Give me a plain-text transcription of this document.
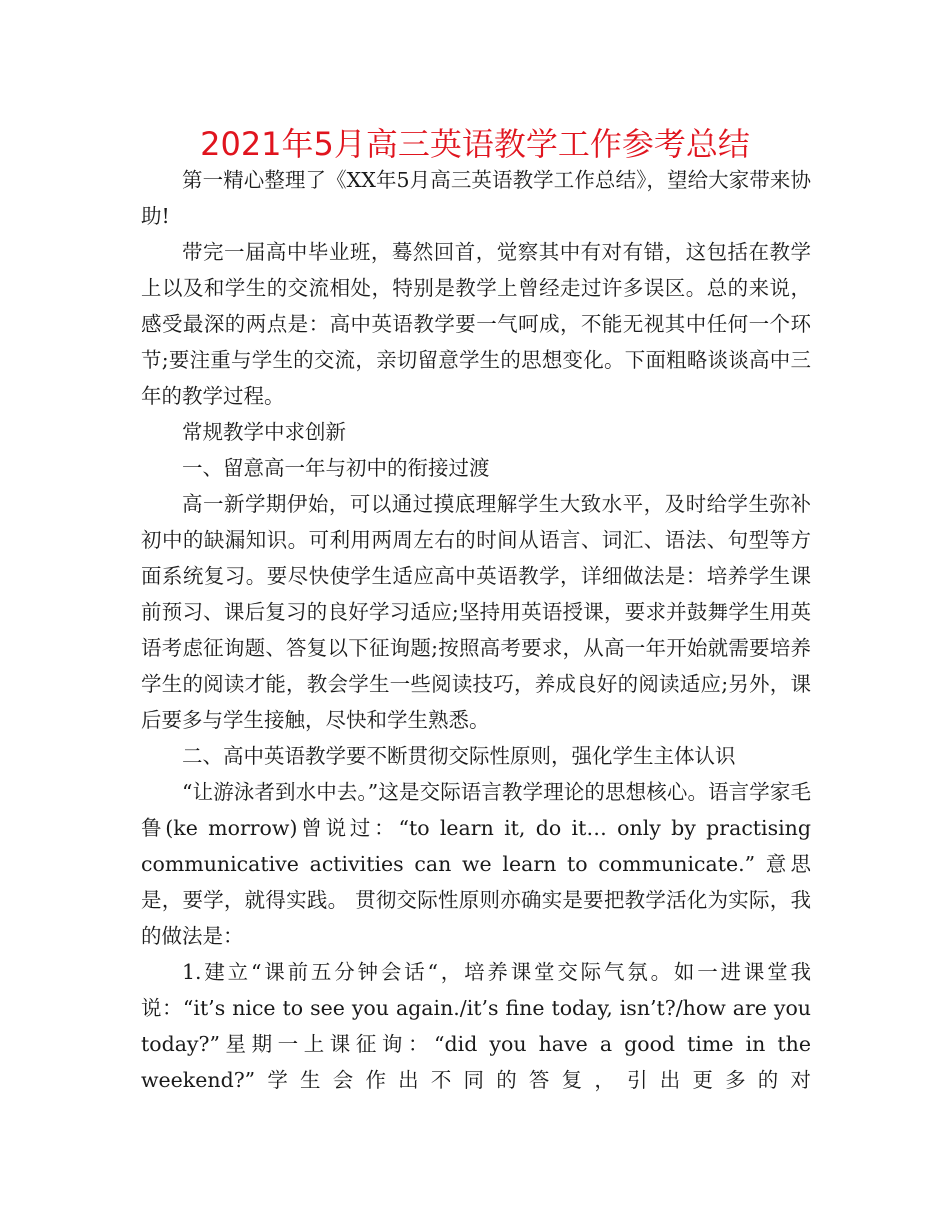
2021年5月高三英语教学工作参考总结

第一精心整理了《XX年5月高三英语教学工作总结》，望给大家带来协助!

带完一届高中毕业班，蓦然回首，觉察其中有对有错，这包括在教学上以及和学生的交流相处，特别是教学上曾经走过许多误区。总的来说，感受最深的两点是：高中英语教学要一气呵成，不能无视其中任何一个环节;要注重与学生的交流，亲切留意学生的思想变化。下面粗略谈谈高中三年的教学过程。

常规教学中求创新

一、留意高一年与初中的衔接过渡

高一新学期伊始，可以通过摸底理解学生大致水平，及时给学生弥补初中的缺漏知识。可利用两周左右的时间从语言、词汇、语法、句型等方面系统复习。要尽快使学生适应高中英语教学，详细做法是：培养学生课前预习、课后复习的良好学习适应;坚持用英语授课，要求并鼓舞学生用英语考虑征询题、答复以下征询题;按照高考要求，从高一年开始就需要培养学生的阅读才能，教会学生一些阅读技巧，养成良好的阅读适应;另外，课后要多与学生接触，尽快和学生熟悉。

二、高中英语教学要不断贯彻交际性原则，强化学生主体认识

“让游泳者到水中去。”这是交际语言教学理论的思想核心。语言学家毛鲁(ke morrow)曾说过：“to learn it, do it… only by practising communicative activities can we learn to communicate.” 意思是，要学，就得实践。 贯彻交际性原则亦确实是要把教学活化为实际，我的做法是：

1.建立“课前五分钟会话“，培养课堂交际气氛。如一进课堂我说：“it’s nice to see you again./it’s fine today, isn’t?/how are you today?”星期一上课征询：“did you have a good time in the weekend?”学生会作出不同的答复，引出更多的对
